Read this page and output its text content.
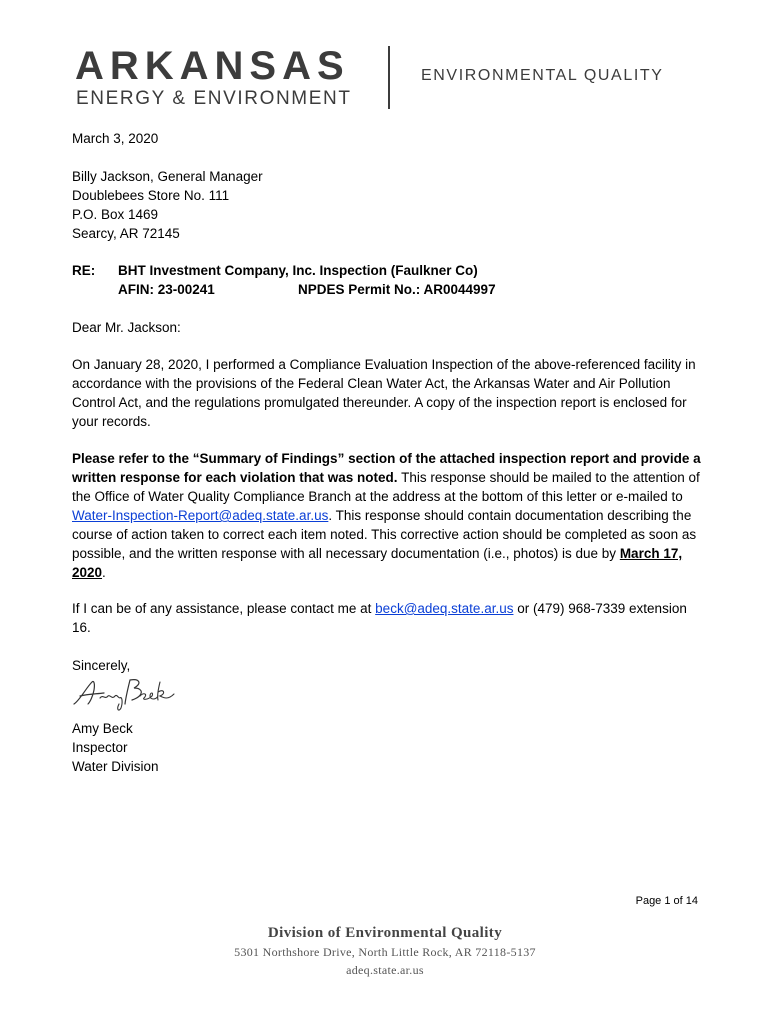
ARKANSAS
ENERGY & ENVIRONMENT
ENVIRONMENTAL QUALITY
March 3, 2020
Billy Jackson, General Manager
Doublebees Store No. 111
P.O. Box 1469
Searcy, AR 72145
RE: BHT Investment Company, Inc. Inspection (Faulkner Co)
AFIN: 23-00241	NPDES Permit No.: AR0044997
Dear Mr. Jackson:
On January 28, 2020, I performed a Compliance Evaluation Inspection of the above-referenced facility in accordance with the provisions of the Federal Clean Water Act, the Arkansas Water and Air Pollution Control Act, and the regulations promulgated thereunder. A copy of the inspection report is enclosed for your records.
Please refer to the “Summary of Findings” section of the attached inspection report and provide a written response for each violation that was noted. This response should be mailed to the attention of the Office of Water Quality Compliance Branch at the address at the bottom of this letter or e-mailed to Water-Inspection-Report@adeq.state.ar.us. This response should contain documentation describing the course of action taken to correct each item noted. This corrective action should be completed as soon as possible, and the written response with all necessary documentation (i.e., photos) is due by March 17, 2020.
If I can be of any assistance, please contact me at beck@adeq.state.ar.us or (479) 968-7339 extension 16.
Sincerely,
Amy Beck
Inspector
Water Division
Page 1 of 14
Division of Environmental Quality
5301 Northshore Drive, North Little Rock, AR 72118-5137
adeq.state.ar.us
